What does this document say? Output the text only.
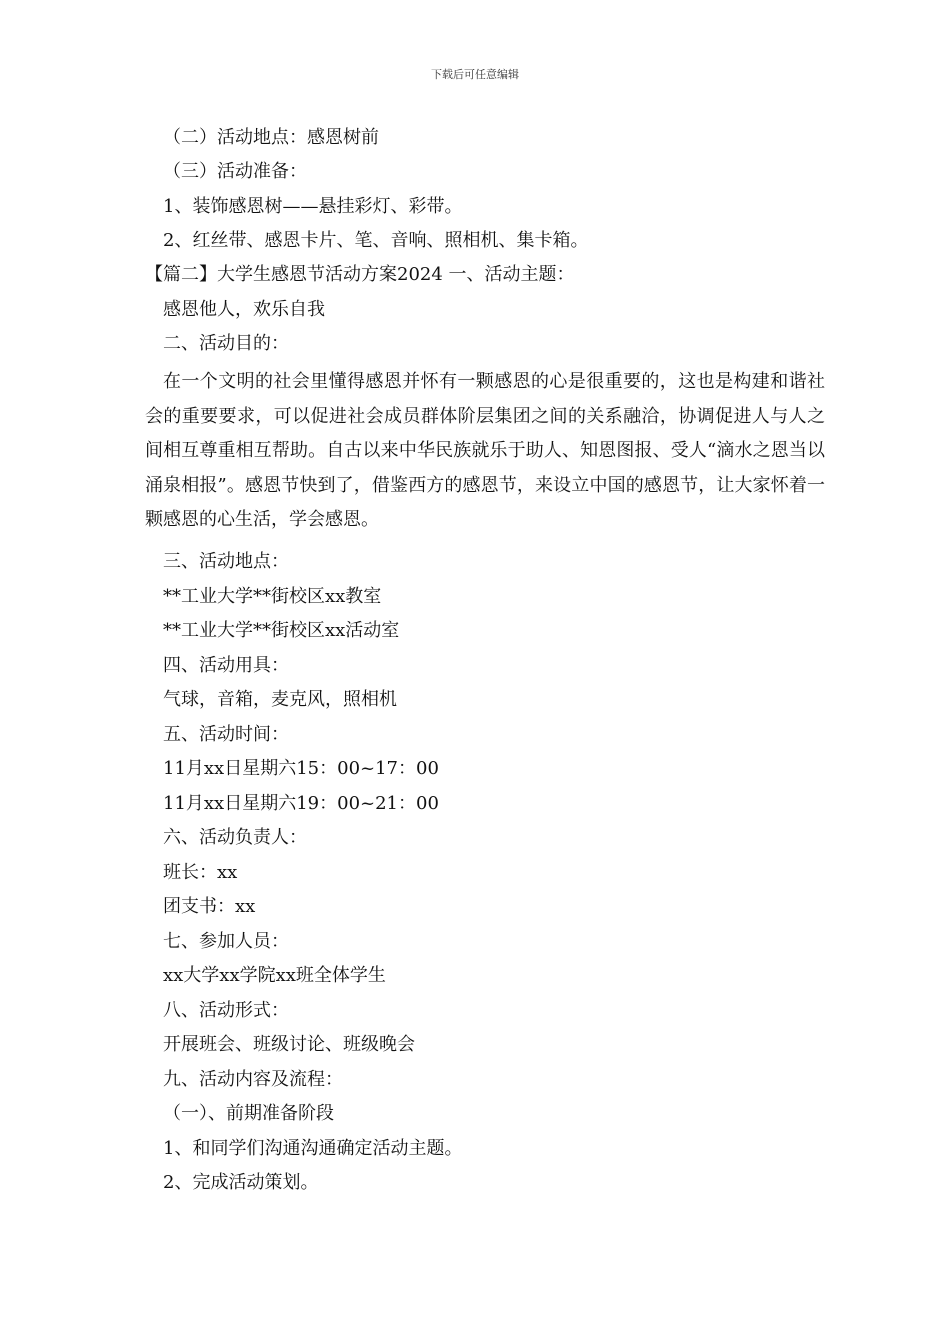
下载后可任意编辑
（二）活动地点：感恩树前
（三）活动准备：
1、装饰感恩树——悬挂彩灯、彩带。
2、红丝带、感恩卡片、笔、音响、照相机、集卡箱。
【篇二】大学生感恩节活动方案2024 一、活动主题：
感恩他人，欢乐自我
二、活动目的：
在一个文明的社会里懂得感恩并怀有一颗感恩的心是很重要的，这也是构建和谐社会的重要要求，可以促进社会成员群体阶层集团之间的关系融洽，协调促进人与人之间相互尊重相互帮助。自古以来中华民族就乐于助人、知恩图报、受人“滴水之恩当以涌泉相报”。感恩节快到了，借鉴西方的感恩节，来设立中国的感恩节，让大家怀着一颗感恩的心生活，学会感恩。
三、活动地点：
**工业大学**街校区xx教室
**工业大学**街校区xx活动室
四、活动用具：
气球，音箱，麦克风，照相机
五、活动时间：
11月xx日星期六15：00~17：00
11月xx日星期六19：00~21：00
六、活动负责人：
班长：xx
团支书：xx
七、参加人员：
xx大学xx学院xx班全体学生
八、活动形式：
开展班会、班级讨论、班级晚会
九、活动内容及流程：
（一）、前期准备阶段
1、和同学们沟通沟通确定活动主题。
2、完成活动策划。
